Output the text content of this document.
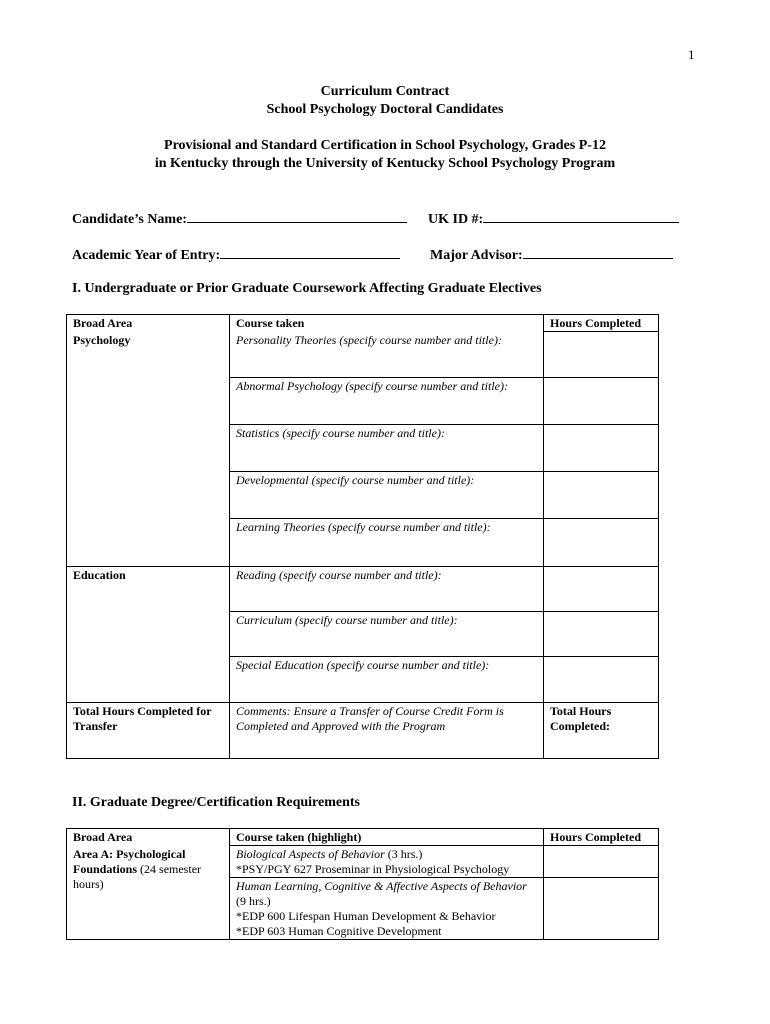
1
Curriculum Contract
School Psychology Doctoral Candidates
Provisional and Standard Certification in School Psychology, Grades P-12
in Kentucky through the University of Kentucky School Psychology Program
Candidate’s Name:	UK ID #:
Academic Year of Entry:	Major Advisor:
I. Undergraduate or Prior Graduate Coursework Affecting Graduate Electives
Broad Area	Course taken	Hours Completed
Psychology	Personality Theories (specify course number and title):	
	Abnormal Psychology (specify course number and title):	
	Statistics (specify course number and title):	
	Developmental (specify course number and title):	
	Learning Theories (specify course number and title):	
Education	Reading (specify course number and title):	
	Curriculum (specify course number and title):	
	Special Education (specify course number and title):	
Total Hours Completed for Transfer	Comments: Ensure a Transfer of Course Credit Form is Completed and Approved with the Program	Total Hours Completed:
II. Graduate Degree/Certification Requirements
Broad Area	Course taken (highlight)	Hours Completed
Area A: Psychological Foundations (24 semester hours)	Biological Aspects of Behavior (3 hrs.)
*PSY/PGY 627 Proseminar in Physiological Psychology	
	Human Learning, Cognitive & Affective Aspects of Behavior (9 hrs.)
*EDP 600 Lifespan Human Development & Behavior
*EDP 603 Human Cognitive Development	
